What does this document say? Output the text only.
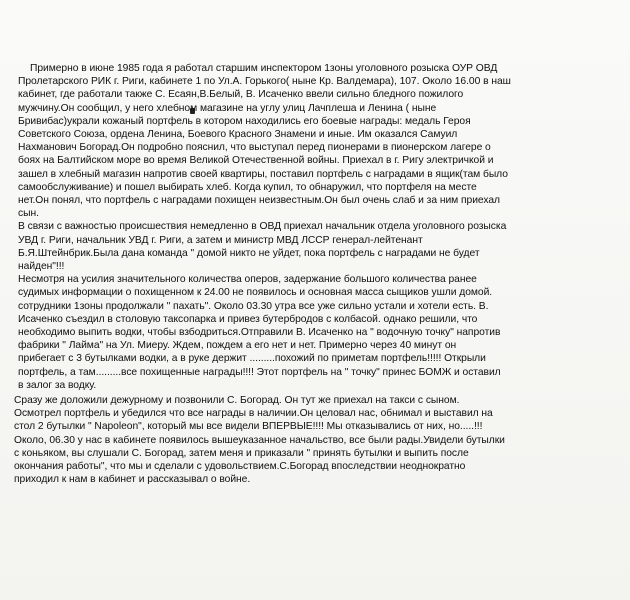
Примерно в июне 1985 года я работал старшим инспектором 1зоны уголовного розыска ОУР ОВД
Пролетарского РИК г. Риги, кабинете 1 по Ул.А. Горького( ныне Кр. Валдемара), 107. Около 16.00 в наш
кабинет, где работали также С. Есаян,В.Белый, В. Исаченко ввели сильно бледного пожилого
мужчину.Он сообщил, у него хлебном магазине на углу улиц Лачплеша и Ленина ( ныне
Бривибас)украли кожаный портфель в котором находились его боевые награды: медаль Героя
Советского Союза, ордена Ленина, Боевого Красного Знамени и иные. Им оказался Самуил
Нахманович Богорад.Он подробно пояснил, что выступал перед пионерами в пионерском лагере о
боях на Балтийском море во время Великой Отечественной войны. Приехал в г. Ригу электричкой и
зашел в хлебный магазин напротив своей квартиры, поставил портфель с наградами в ящик(там было
самообслуживание) и пошел выбирать хлеб. Когда купил, то обнаружил, что портфеля на месте
нет.Он понял, что портфель с наградами похищен неизвестным.Он был очень слаб и за ним приехал
сын.
В связи с важностью происшествия немедленно в ОВД приехал начальник отдела уголовного розыска
УВД г. Риги, начальник УВД г. Риги, а затем и министр МВД ЛССР генерал-лейтенант
Б.Я.Штейнбрик.Была дана команда " домой никто не уйдет, пока портфель с наградами не будет
найден"!!!
Несмотря на усилия значительного количества оперов, задержание большого количества ранее
судимых информации о похищенном к 24.00 не появилось и основная масса сыщиков ушли домой.
сотрудники 1зоны продолжали " пахать". Около 03.30 утра все уже сильно устали и хотели есть. В.
Исаченко съездил в столовую таксопарка и привез бутербродов с колбасой. однако решили, что
необходимо выпить водки, чтобы взбодриться.Отправили В. Исаченко на " водочную точку" напротив
фабрики " Лайма" на Ул. Миеру. Ждем, пождем а его нет и нет. Примерно через 40 минут он
прибегает с 3 бутылками водки, а в руке держит .........похожий по приметам портфель!!!!! Открыли
портфель, а там.........все похищенные награды!!!! Этот портфель на " точку" принес БОМЖ и оставил
в залог за водку.
Сразу же доложили дежурному и позвонили С. Богорад. Он тут же приехал на такси с сыном.
Осмотрел портфель и убедился что все награды в наличии.Он целовал нас, обнимал и выставил на
стол 2 бутылки " Napoleon", который мы все видели ВПЕРВЫЕ!!!! Мы отказывались от них, но.....!!!
Около, 06.30 у нас в кабинете появилось вышеуказанное начальство, все были рады.Увидели бутылки
с коньяком, вы слушали С. Богорад, затем меня и приказали " принять бутылки и выпить после
окончания работы", что мы и сделали с удовольствием.С.Богорад впоследствии неоднократно
приходил к нам в кабинет и рассказывал о войне.
